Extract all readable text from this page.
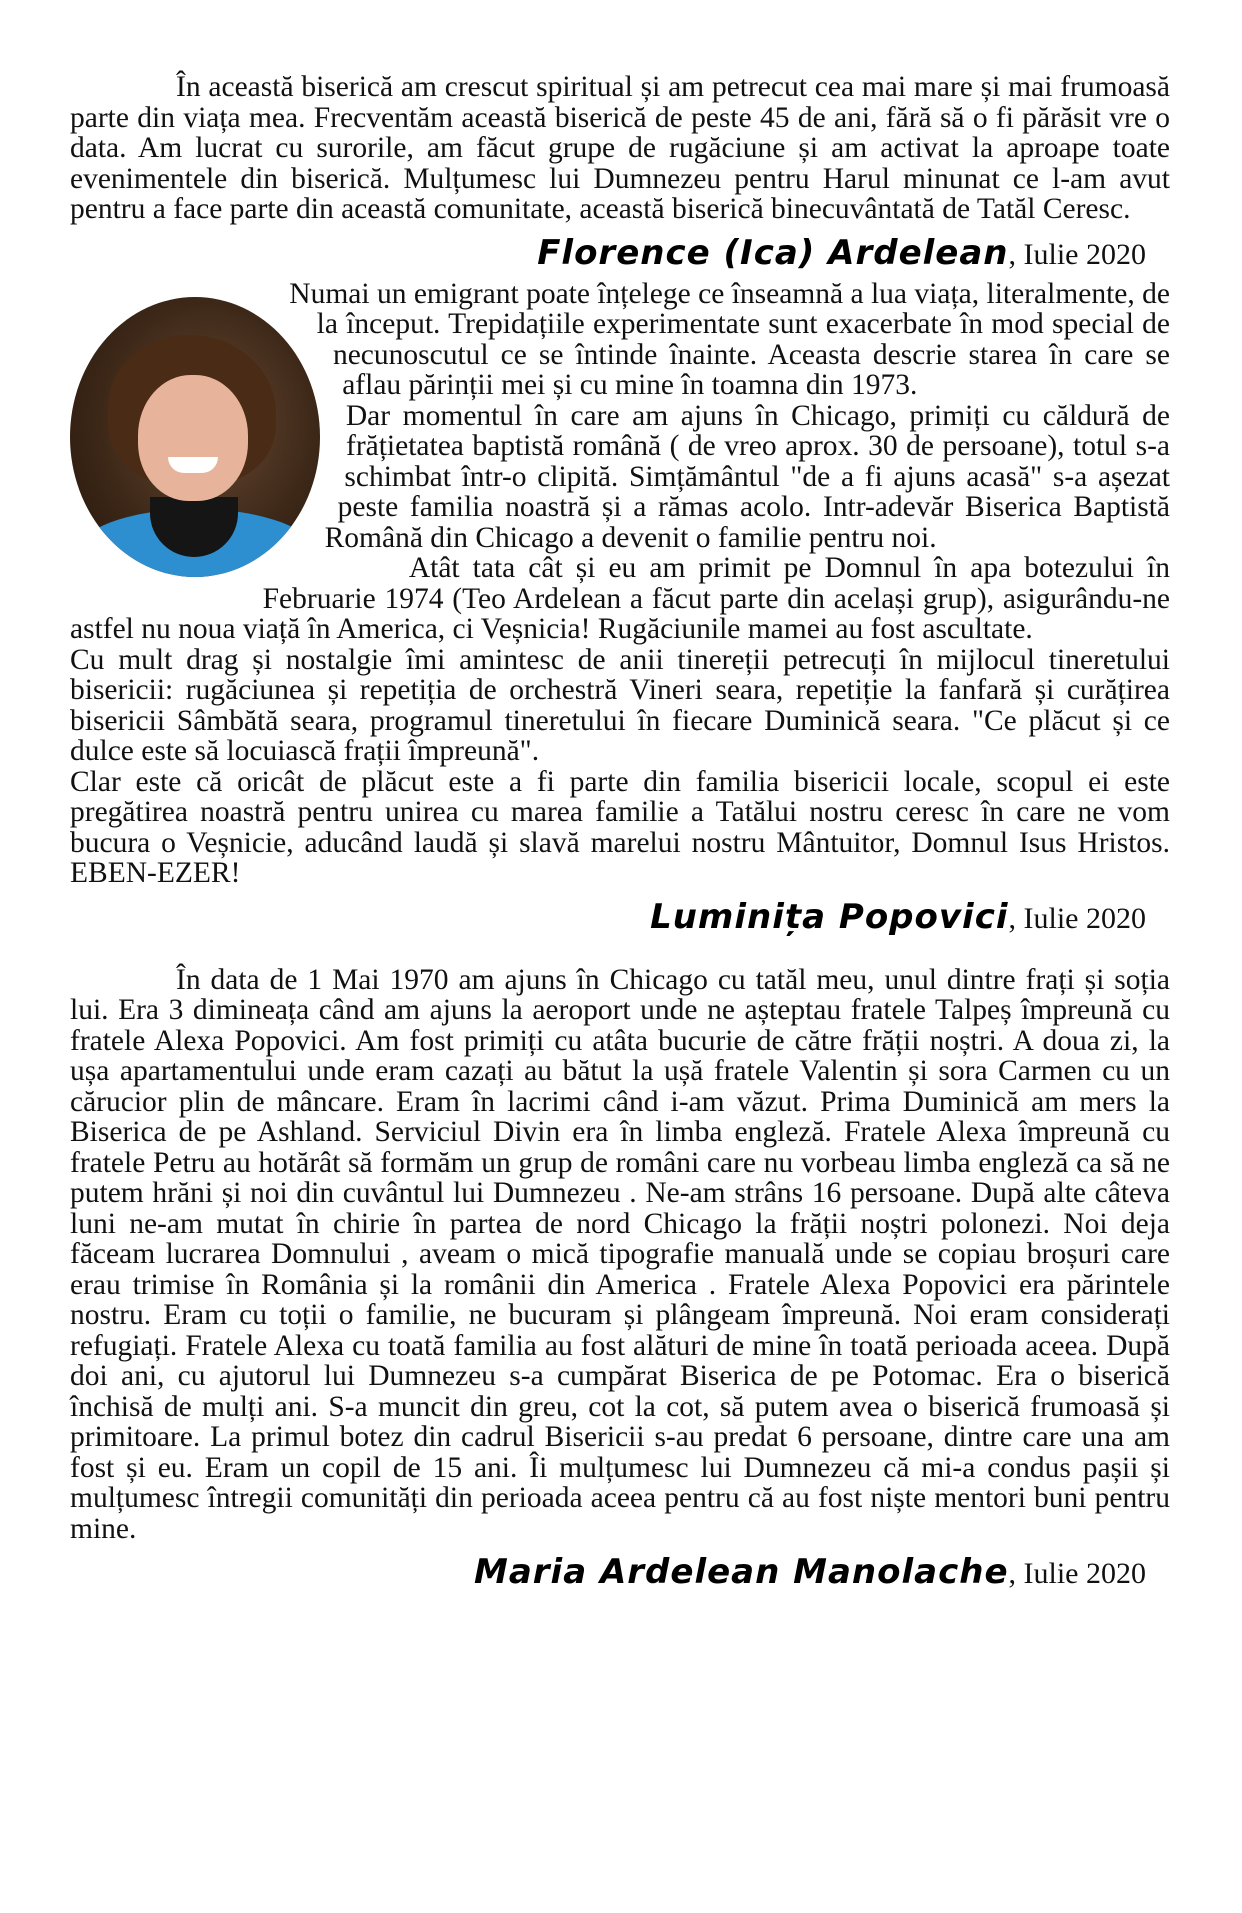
În această biserică am crescut spiritual și am petrecut cea mai mare și mai frumoasă parte din viața mea. Frecventăm această biserică de peste 45 de ani, fără să o fi părăsit vre o data. Am lucrat cu surorile, am făcut grupe de rugăciune și am activat la aproape toate evenimentele din biserică. Mulțumesc lui Dumnezeu pentru Harul minunat ce l-am avut pentru a face parte din această comunitate, această biserică binecuvântată de Tatăl Ceresc.

Florence (Ica) Ardelean, Iulie 2020

Numai un emigrant poate înțelege ce înseamnă a lua viața, literalmente, de la început. Trepidațiile experimentate sunt exacerbate în mod special de necunoscutul ce se întinde înainte. Aceasta descrie starea în care se aflau părinții mei și cu mine în toamna din 1973.

Dar momentul în care am ajuns în Chicago, primiți cu căldură de frățietatea baptistă română ( de vreo aprox. 30 de persoane), totul s-a schimbat într-o clipită. Simțământul "de a fi ajuns acasă" s-a așezat peste familia noastră și a rămas acolo. Intr-adevăr Biserica Baptistă Română din Chicago a devenit o familie pentru noi.

Atât tata cât și eu am primit pe Domnul în apa botezului în Februarie 1974 (Teo Ardelean a făcut parte din același grup), asigurându-ne astfel nu noua viață în America, ci Veșnicia! Rugăciunile mamei au fost ascultate.

Cu mult drag și nostalgie îmi amintesc de anii tinereții petrecuți în mijlocul tineretului bisericii: rugăciunea și repetiția de orchestră Vineri seara, repetiție la fanfară și curățirea bisericii Sâmbătă seara, programul tineretului în fiecare Duminică seara. "Ce plăcut și ce dulce este să locuiască frații împreună".

Clar este că oricât de plăcut este a fi parte din familia bisericii locale, scopul ei este pregătirea noastră pentru unirea cu marea familie a Tatălui nostru ceresc în care ne vom bucura o Veșnicie, aducând laudă și slavă marelui nostru Mântuitor, Domnul Isus Hristos. EBEN-EZER!

Luminița Popovici, Iulie 2020

În data de 1 Mai 1970 am ajuns în Chicago cu tatăl meu, unul dintre frați și soția lui. Era 3 dimineața când am ajuns la aeroport unde ne așteptau fratele Talpeș împreună cu fratele Alexa Popovici. Am fost primiți cu atâta bucurie de către frății noștri. A doua zi, la ușa apartamentului unde eram cazați au bătut la ușă fratele Valentin și sora Carmen cu un cărucior plin de mâncare. Eram în lacrimi când i-am văzut. Prima Duminică am mers la Biserica de pe Ashland. Serviciul Divin era în limba engleză. Fratele Alexa împreună cu fratele Petru au hotărât să formăm un grup de români care nu vorbeau limba engleză ca să ne putem hrăni și noi din cuvântul lui Dumnezeu . Ne-am strâns 16 persoane. După alte câteva luni ne-am mutat în chirie în partea de nord Chicago la frății noștri polonezi. Noi deja făceam lucrarea Domnului , aveam o mică tipografie manuală unde se copiau broșuri care erau trimise în România și la românii din America . Fratele Alexa Popovici era părintele nostru. Eram cu toții o familie, ne bucuram și plângeam împreună. Noi eram considerați refugiați. Fratele Alexa cu toată familia au fost alături de mine în toată perioada aceea. După doi ani, cu ajutorul lui Dumnezeu s-a cumpărat Biserica de pe Potomac. Era o biserică închisă de mulți ani. S-a muncit din greu, cot la cot, să putem avea o biserică frumoasă și primitoare. La primul botez din cadrul Bisericii s-au predat 6 persoane, dintre care una am fost și eu. Eram un copil de 15 ani. Îi mulțumesc lui Dumnezeu că mi-a condus pașii și mulțumesc întregii comunități din perioada aceea pentru că au fost niște mentori buni pentru mine.

Maria Ardelean Manolache, Iulie 2020
